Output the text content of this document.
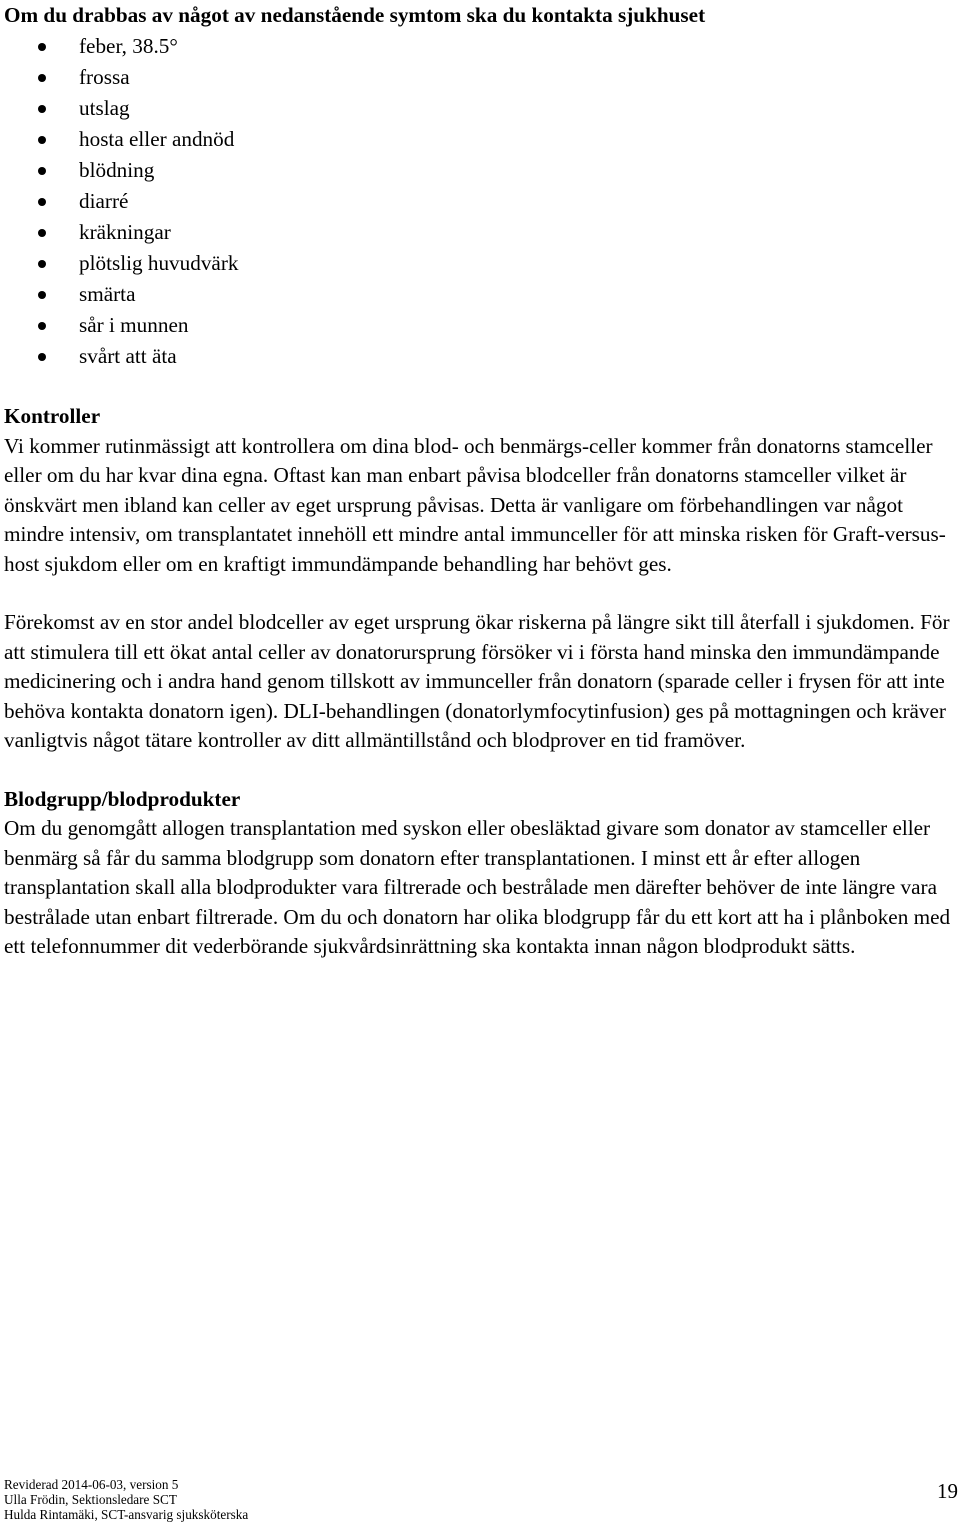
Om du drabbas av något av nedanstående symtom ska du kontakta sjukhuset
feber, 38.5°
frossa
utslag
hosta eller andnöd
blödning
diarré
kräkningar
plötslig huvudvärk
smärta
sår i munnen
svårt att äta
Kontroller

Vi kommer rutinmässigt att kontrollera om dina blod- och benmärgs-celler kommer från donatorns stamceller eller om du har kvar dina egna. Oftast kan man enbart påvisa blodceller från donatorns stamceller vilket är önskvärt men ibland kan celler av eget ursprung påvisas. Detta är vanligare om förbehandlingen var något mindre intensiv, om transplantatet innehöll ett mindre antal immunceller för att minska risken för Graft-versus-host sjukdom eller om en kraftigt immundämpande behandling har behövt ges.

Förekomst av en stor andel blodceller av eget ursprung ökar riskerna på längre sikt till återfall i sjukdomen. För att stimulera till ett ökat antal celler av donatorursprung försöker vi i första hand minska den immundämpande medicinering och i andra hand genom tillskott av immunceller från donatorn (sparade celler i frysen för att inte behöva kontakta donatorn igen). DLI-behandlingen (donatorlymfocytinfusion) ges på mottagningen och kräver vanligtvis något tätare kontroller av ditt allmäntillstånd och blodprover en tid framöver.

Blodgrupp/blodprodukter

Om du genomgått allogen transplantation med syskon eller obesläktad givare som donator av stamceller eller benmärg så får du samma blodgrupp som donatorn efter transplantationen. I minst ett år efter allogen transplantation skall alla blodprodukter vara filtrerade och bestrålade men därefter behöver de inte längre vara bestrålade utan enbart filtrerade. Om du och donatorn har olika blodgrupp får du ett kort att ha i plånboken med ett telefonnummer dit vederbörande sjukvårdsinrättning ska kontakta innan någon blodprodukt sätts.

Reviderad 2014-06-03, version 5
Ulla Frödin, Sektionsledare SCT
Hulda Rintamäki, SCT-ansvarig sjuksköterska
19
